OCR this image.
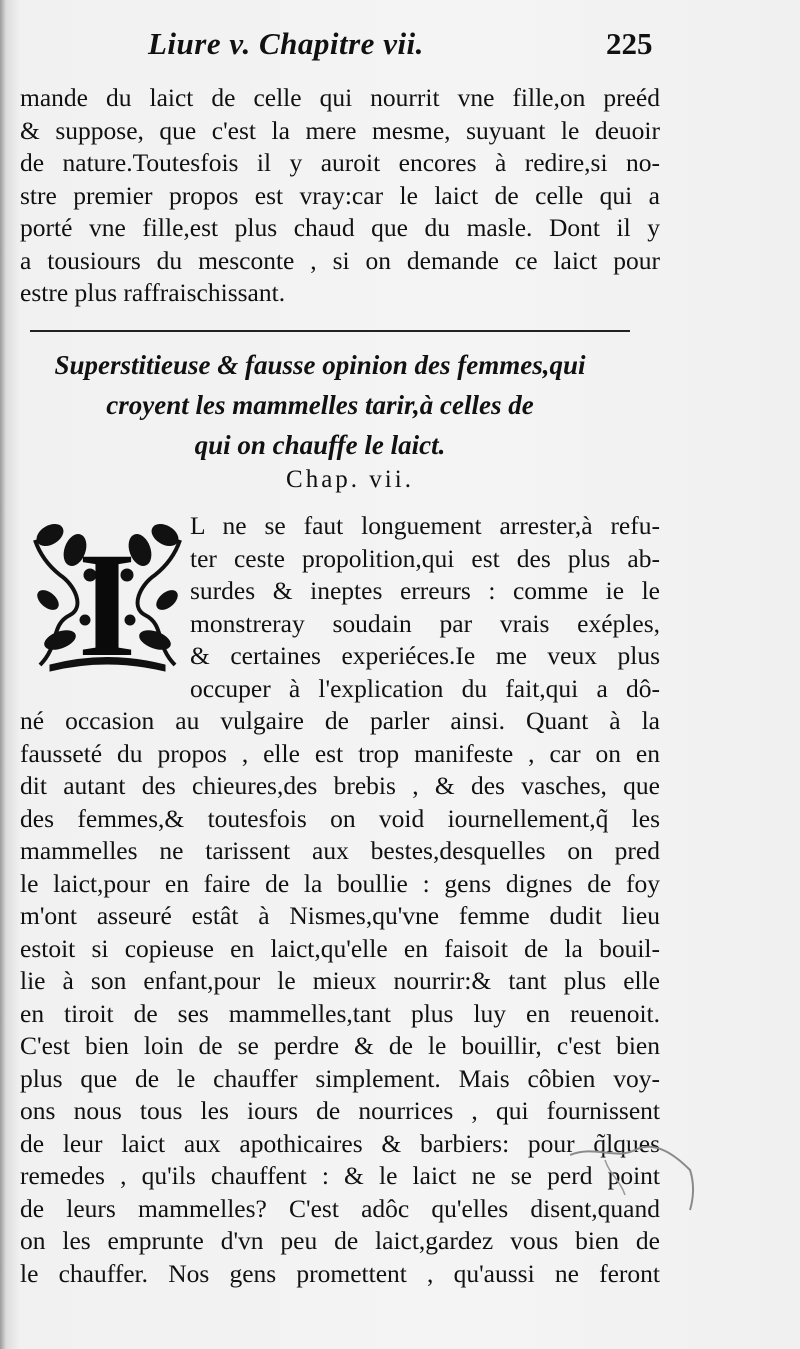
Liure v. Chapitre vii.	225
mande du laict de celle qui nourrit vne fille,on preéd
& suppose, que c'est la mere mesme, suyuant le deuoir
de nature.Toutesfois il y auroit encores à redire,si no-
stre premier propos est vray:car le laict de celle qui a
porté vne fille,est plus chaud que du masle. Dont il y
a tousiours du mesconte , si on demande ce laict pour
estre plus raffraischissant.
Superstitieuse & fausse opinion des femmes,qui
croyent les mammelles tarir,à celles de
qui on chauffe le laict.
Chap. vii.
I L ne se faut longuement arrester,à refu-
ter ceste propolition,qui est des plus ab-
surdes & ineptes erreurs : comme ie le
monstreray soudain par vrais exéples,
& certaines experiéces.Ie me veux plus
occuper à l'explication du fait,qui a dô-
né occasion au vulgaire de parler ainsi. Quant à la
fausseté du propos , elle est trop manifeste , car on en
dit autant des chieures,des brebis , & des vasches, que
des femmes,& toutesfois on void iournellement,q̃ les
mammelles ne tarissent aux bestes,desquelles on pred
le laict,pour en faire de la boullie : gens dignes de foy
m'ont asseuré estât à Nismes,qu'vne femme dudit lieu
estoit si copieuse en laict,qu'elle en faisoit de la bouil-
lie à son enfant,pour le mieux nourrir:& tant plus elle
en tiroit de ses mammelles,tant plus luy en reuenoit.
C'est bien loin de se perdre & de le bouillir, c'est bien
plus que de le chauffer simplement. Mais côbien voy-
ons nous tous les iours de nourrices , qui fournissent
de leur laict aux apothicaires & barbiers: pour q̃lques
remedes , qu'ils chauffent : & le laict ne se perd point
de leurs mammelles? C'est adôc qu'elles disent,quand
on les emprunte d'vn peu de laict,gardez vous bien de
le chauffer. Nos gens promettent , qu'aussi ne feront
